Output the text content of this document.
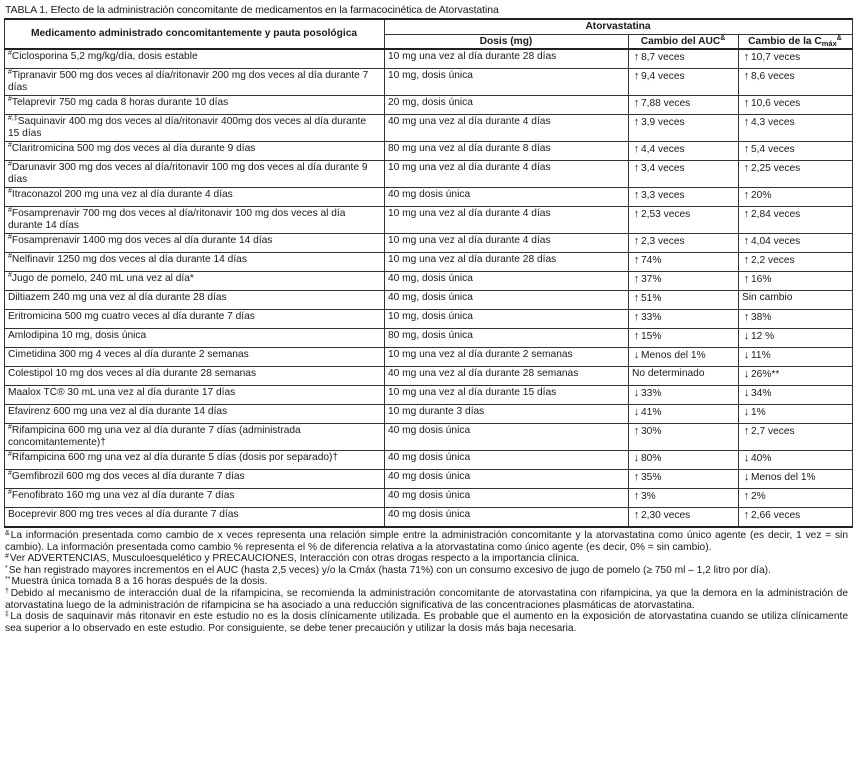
TABLA 1. Efecto de la administración concomitante de medicamentos en la farmacocinética de Atorvastatina
Medicamento administrado concomitantemente y pauta posológica	Atorvastatina		
	Dosis (mg)	Cambio del AUC&	Cambio de la $C_{máx}^{\&}$
#Ciclosporina 5,2 mg/kg/día, dosis estable	10 mg una vez al día durante 28 días	↑ 8,7 veces	↑ 10,7 veces
#Tipranavir 500 mg dos veces al día/ritonavir 200 mg dos veces al día durante 7 días	10 mg, dosis única	↑ 9,4 veces	↑ 8,6 veces
#Telaprevir 750 mg cada 8 horas durante 10 días	20 mg, dosis única	↑ 7,88 veces	↑ 10,6 veces
#,‡Saquinavir 400 mg dos veces al día/ritonavir 400mg dos veces al día durante 15 días	40 mg una vez al día durante 4 días	↑ 3,9 veces	↑ 4,3 veces
#Claritromicina 500 mg dos veces al día durante 9 días	80 mg una vez al día durante 8 días	↑ 4,4 veces	↑ 5,4 veces
#Darunavir 300 mg dos veces al día/ritonavir 100 mg dos veces al día durante 9 días	10 mg una vez al día durante 4 días	↑ 3,4 veces	↑ 2,25 veces
#Itraconazol 200 mg una vez al día durante 4 días	40 mg dosis única	↑ 3,3 veces	↑ 20%
#Fosamprenavir 700 mg dos veces al día/ritonavir 100 mg dos veces al día durante 14 días	10 mg una vez al día durante 4 días	↑ 2,53 veces	↑ 2,84 veces
#Fosamprenavir 1400 mg dos veces al día durante 14 días	10 mg una vez al día durante 4 días	↑ 2,3 veces	↑ 4,04 veces
#Nelfinavir 1250 mg dos veces al día durante 14 días	10 mg una vez al día durante 28 días	↑ 74%	↑ 2,2 veces
#Jugo de pomelo, 240 mL una vez al día*	40 mg, dosis única	↑ 37%	↑ 16%
Diltiazem 240 mg una vez al día durante 28 días	40 mg, dosis única	↑ 51%	Sin cambio
Eritromicina 500 mg cuatro veces al día durante 7 días	10 mg, dosis única	↑ 33%	↑ 38%
Amlodipina 10 mg, dosis única	80 mg, dosis única	↑ 15%	↓ 12 %
Cimetidina 300 mg 4 veces al día durante 2 semanas	10 mg una vez al día durante 2 semanas	↓ Menos del 1%	↓ 11%
Colestipol 10 mg dos veces al día durante 28 semanas	40 mg una vez al día durante 28 semanas	No determinado	↓ 26%**
Maalox TC® 30 mL una vez al día durante 17 días	10 mg una vez al día durante 15 días	↓ 33%	↓ 34%
Efavirenz 600 mg una vez al día durante 14 días	10 mg durante 3 días	↓ 41%	↓ 1%
#Rifampicina 600 mg una vez al día durante 7 días (administrada concomitantemente)†	40 mg dosis única	↑ 30%	↑ 2,7 veces
#Rifampicina 600 mg una vez al día durante 5 días (dosis por separado)†	40 mg dosis única	↓ 80%	↓ 40%
#Gemfibrozil 600 mg dos veces al día durante 7 días	40 mg dosis única	↑ 35%	↓ Menos del 1%
#Fenofibrato 160 mg una vez al día durante 7 días	40 mg dosis única	↑ 3%	↑ 2%
Boceprevir 800 mg tres veces al día durante 7 días	40 mg dosis única	↑ 2,30 veces	↑ 2,66 veces
&La información presentada como cambio de x veces representa una relación simple entre la administración concomitante y la atorvastatina como único agente (es decir, 1 vez = sin cambio). La información presentada como cambio % representa el % de diferencia relativa a la atorvastatina como único agente (es decir, 0% = sin cambio).
#Ver ADVERTENCIAS, Musculoesquelético y PRECAUCIONES, Interacción con otras drogas respecto a la importancia clínica.
*Se han registrado mayores incrementos en el AUC (hasta 2,5 veces) y/o la Cmáx (hasta 71%) con un consumo excesivo de jugo de pomelo (≥ 750 ml – 1,2 litro por día).
**Muestra única tomada 8 a 16 horas después de la dosis.
†Debido al mecanismo de interacción dual de la rifampicina, se recomienda la administración concomitante de atorvastatina con rifampicina, ya que la demora en la administración de atorvastatina luego de la administración de rifampicina se ha asociado a una reducción significativa de las concentraciones plasmáticas de atorvastatina.
‡La dosis de saquinavir más ritonavir en este estudio no es la dosis clínicamente utilizada. Es probable que el aumento en la exposición de atorvastatina cuando se utiliza clínicamente sea superior a lo observado en este estudio. Por consiguiente, se debe tener precaución y utilizar la dosis más baja necesaria.
